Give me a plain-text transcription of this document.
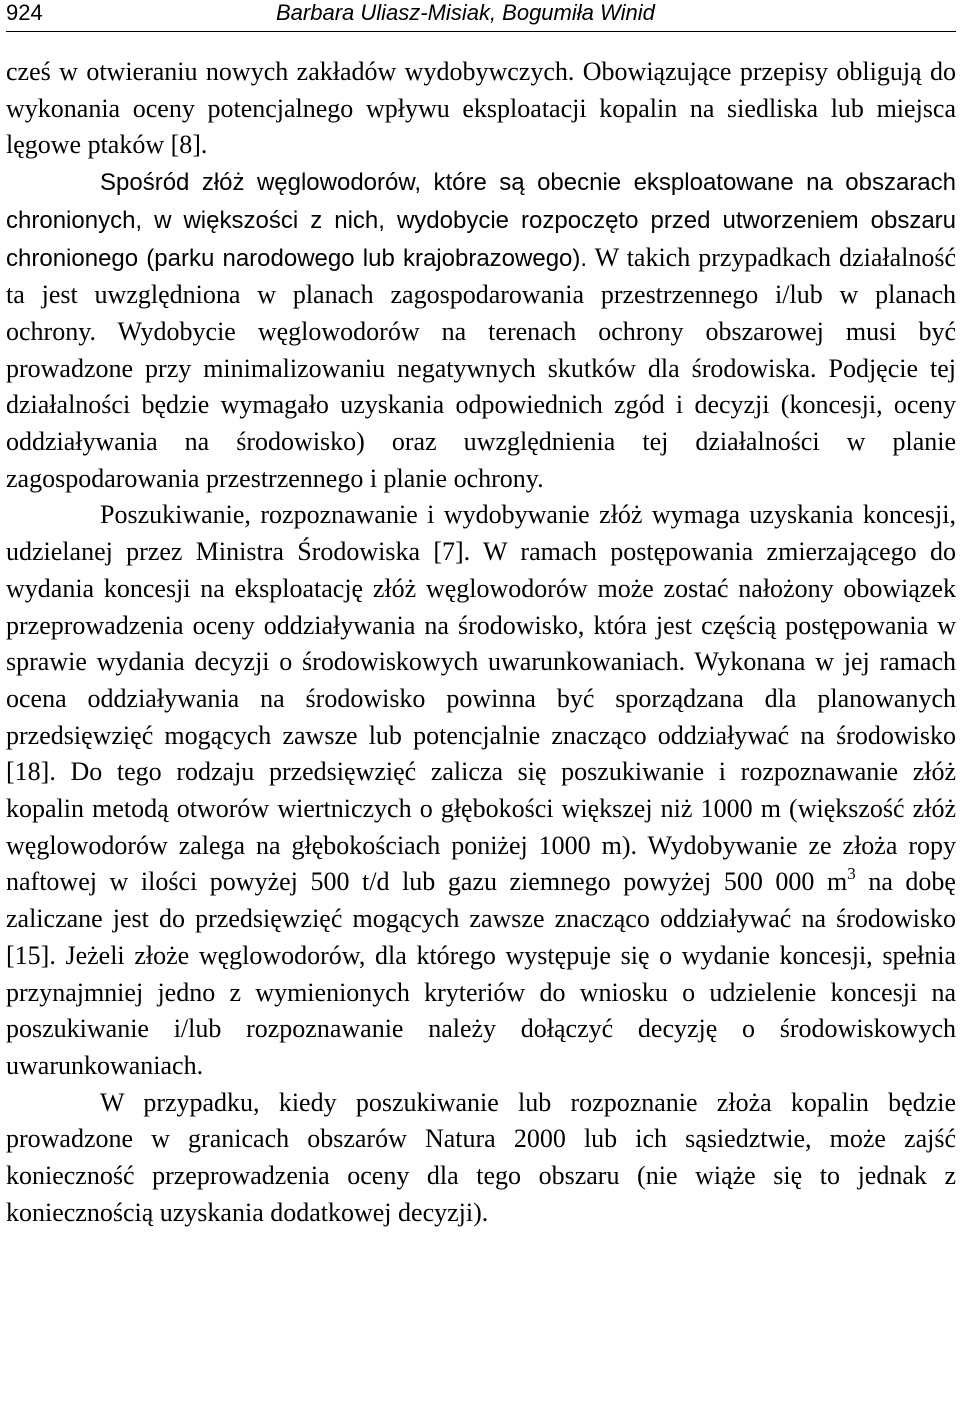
924	Barbara Uliasz-Misiak, Bogumiła Winid

cześ w otwieraniu nowych zakładów wydobywczych. Obowiązujące przepisy obligują do wykonania oceny potencjalnego wpływu eksploatacji kopalin na siedliska lub miejsca lęgowe ptaków [8].

Spośród złóż węglowodorów, które są obecnie eksploatowane na obszarach chronionych, w większości z nich, wydobycie rozpoczęto przed utworzeniem obszaru chronionego (parku narodowego lub krajobrazowego). W takich przypadkach działalność ta jest uwzględniona w planach zagospodarowania przestrzennego i/lub w planach ochrony. Wydobycie węglowodorów na terenach ochrony obszarowej musi być prowadzone przy minimalizowaniu negatywnych skutków dla środowiska. Podjęcie tej działalności będzie wymagało uzyskania odpowiednich zgód i decyzji (koncesji, oceny oddziaływania na środowisko) oraz uwzględnienia tej działalności w planie zagospodarowania przestrzennego i planie ochrony.

Poszukiwanie, rozpoznawanie i wydobywanie złóż wymaga uzyskania koncesji, udzielanej przez Ministra Środowiska [7]. W ramach postępowania zmierzającego do wydania koncesji na eksploatację złóż węglowodorów może zostać nałożony obowiązek przeprowadzenia oceny oddziaływania na środowisko, która jest częścią postępowania w sprawie wydania decyzji o środowiskowych uwarunkowaniach. Wykonana w jej ramach ocena oddziaływania na środowisko powinna być sporządzana dla planowanych przedsięwzięć mogących zawsze lub potencjalnie znacząco oddziaływać na środowisko [18]. Do tego rodzaju przedsięwzięć zalicza się poszukiwanie i rozpoznawanie złóż kopalin metodą otworów wiertniczych o głębokości większej niż 1000 m (większość złóż węglowodorów zalega na głębokościach poniżej 1000 m). Wydobywanie ze złoża ropy naftowej w ilości powyżej 500 t/d lub gazu ziemnego powyżej 500 000 $m^3$ na dobę zaliczane jest do przedsięwzięć mogących zawsze znacząco oddziaływać na środowisko [15]. Jeżeli złoże węglowodorów, dla którego występuje się o wydanie koncesji, spełnia przynajmniej jedno z wymienionych kryteriów do wniosku o udzielenie koncesji na poszukiwanie i/lub rozpoznawanie należy dołączyć decyzję o środowiskowych uwarunkowaniach.

W przypadku, kiedy poszukiwanie lub rozpoznanie złoża kopalin będzie prowadzone w granicach obszarów Natura 2000 lub ich sąsiedztwie, może zajść konieczność przeprowadzenia oceny dla tego obszaru (nie wiąże się to jednak z koniecznością uzyskania dodatkowej decyzji).
